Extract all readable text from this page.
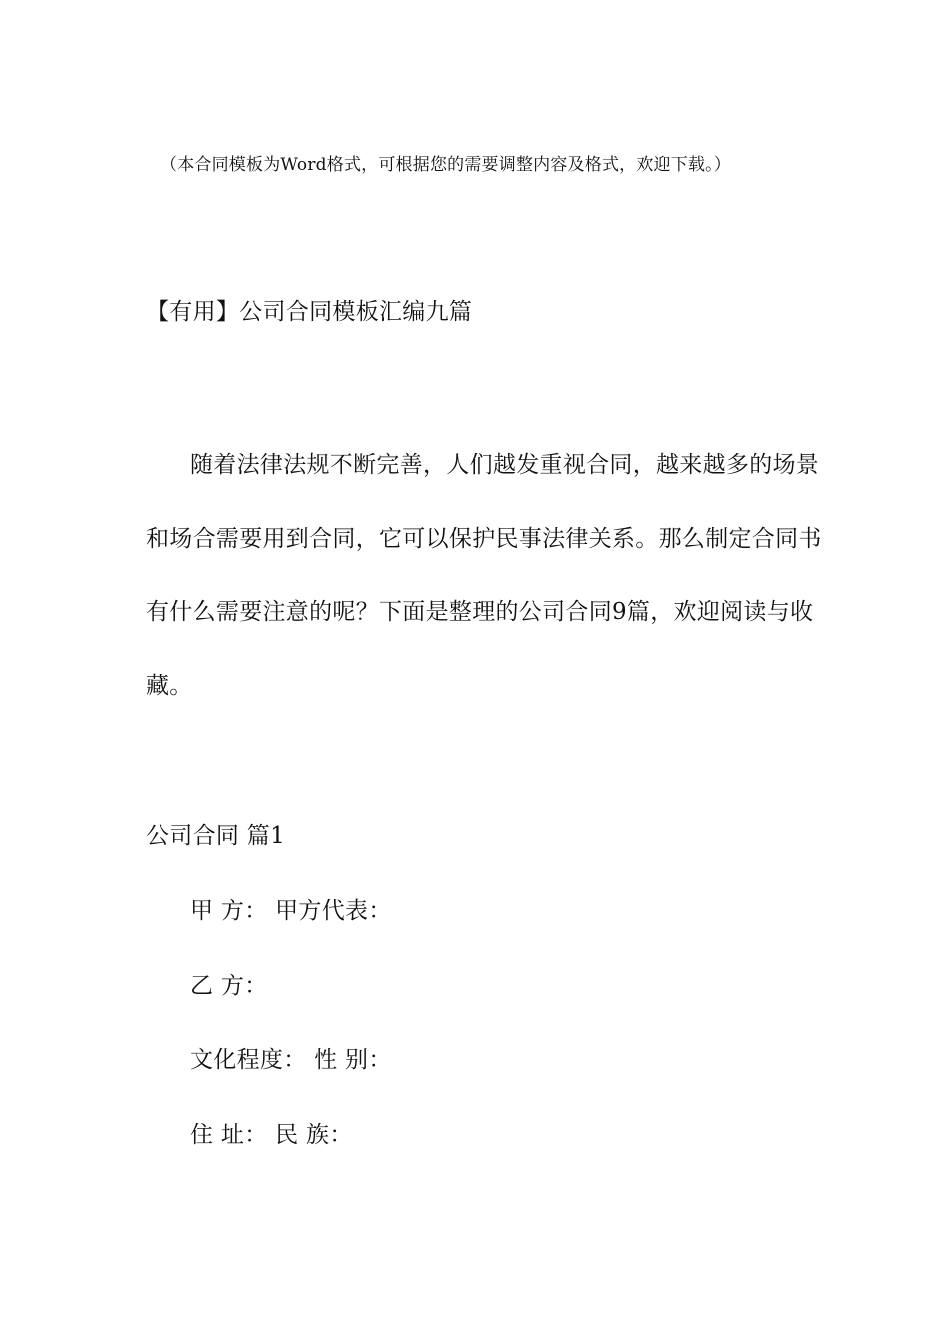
（本合同模板为Word格式，可根据您的需要调整内容及格式，欢迎下载。）
【有用】公司合同模板汇编九篇
随着法律法规不断完善，人们越发重视合同，越来越多的场景
和场合需要用到合同，它可以保护民事法律关系。那么制定合同书
有什么需要注意的呢？下面是整理的公司合同9篇，欢迎阅读与收
藏。
公司合同 篇1
甲 方： 甲方代表：
乙 方：
文化程度： 性 别：
住 址： 民 族：
